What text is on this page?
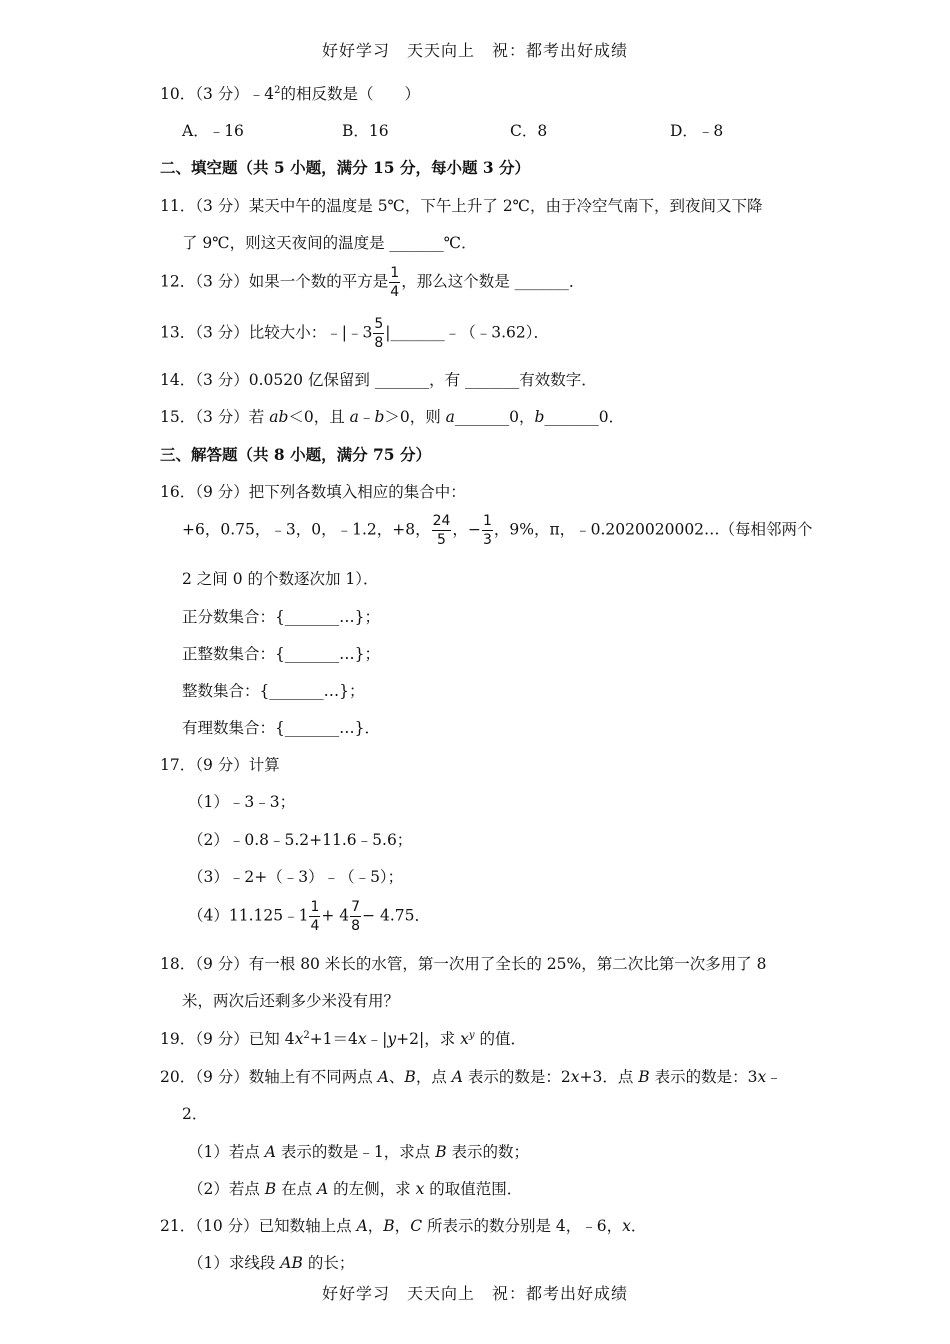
好好学习　天天向上　祝：都考出好成绩
10．（3 分）$﹣4^2$的相反数是（　　）
A．﹣16	B．16	C．8	D．﹣8
二、填空题（共 5 小题，满分 15 分，每小题 3 分）
11．（3 分）某天中午的温度是 5℃，下午上升了 2℃，由于冷空气南下，到夜间又下降
了 9℃，则这天夜间的温度是 _______℃．
12．（3 分）如果一个数的平方是 $\frac{1}{4}$ ，那么这个数是 _______．
13．（3 分）比较大小：﹣|﹣3 $\frac{5}{8}$ |_______﹣（﹣3.62）．
14．（3 分）0.0520 亿保留到 _______，有 _______有效数字．
15．（3 分）若 ab＜0，且 a﹣b＞0，则 a_______0，b_______0．
三、解答题（共 8 小题，满分 75 分）
16．（9 分）把下列各数填入相应的集合中：
+6，0.75，﹣3，0，﹣1.2，+8， $\frac{24}{5}$ ，− $\frac{1}{3}$ ，9%，π，﹣0.2020020002…（每相邻两个
2 之间 0 的个数逐次加 1）．
正分数集合：{_______…}；
正整数集合：{_______…}；
整数集合：{_______…}；
有理数集合：{_______…}．
17．（9 分）计算
（1）﹣3﹣3；
（2）﹣0.8﹣5.2+11.6﹣5.6；
（3）﹣2+（﹣3）﹣（﹣5）；
（4）11.125﹣1 $\frac{1}{4} + 4 \frac{7}{8} - 4.75$．
18．（9 分）有一根 80 米长的水管，第一次用了全长的 25%，第二次比第一次多用了 8
米，两次后还剩多少米没有用？
19．（9 分）已知 $4x^2+1=4x﹣|y+2|$，求 $x^y$ 的值．
20．（9 分）数轴上有不同两点 A、B，点 A 表示的数是：2x+3．点 B 表示的数是：3x﹣
2．
（1）若点 A 表示的数是﹣1，求点 B 表示的数；
（2）若点 B 在点 A 的左侧，求 x 的取值范围．
21．（10 分）已知数轴上点 A，B，C 所表示的数分别是 4，﹣6，x．
（1）求线段 AB 的长；
好好学习　天天向上　祝：都考出好成绩
